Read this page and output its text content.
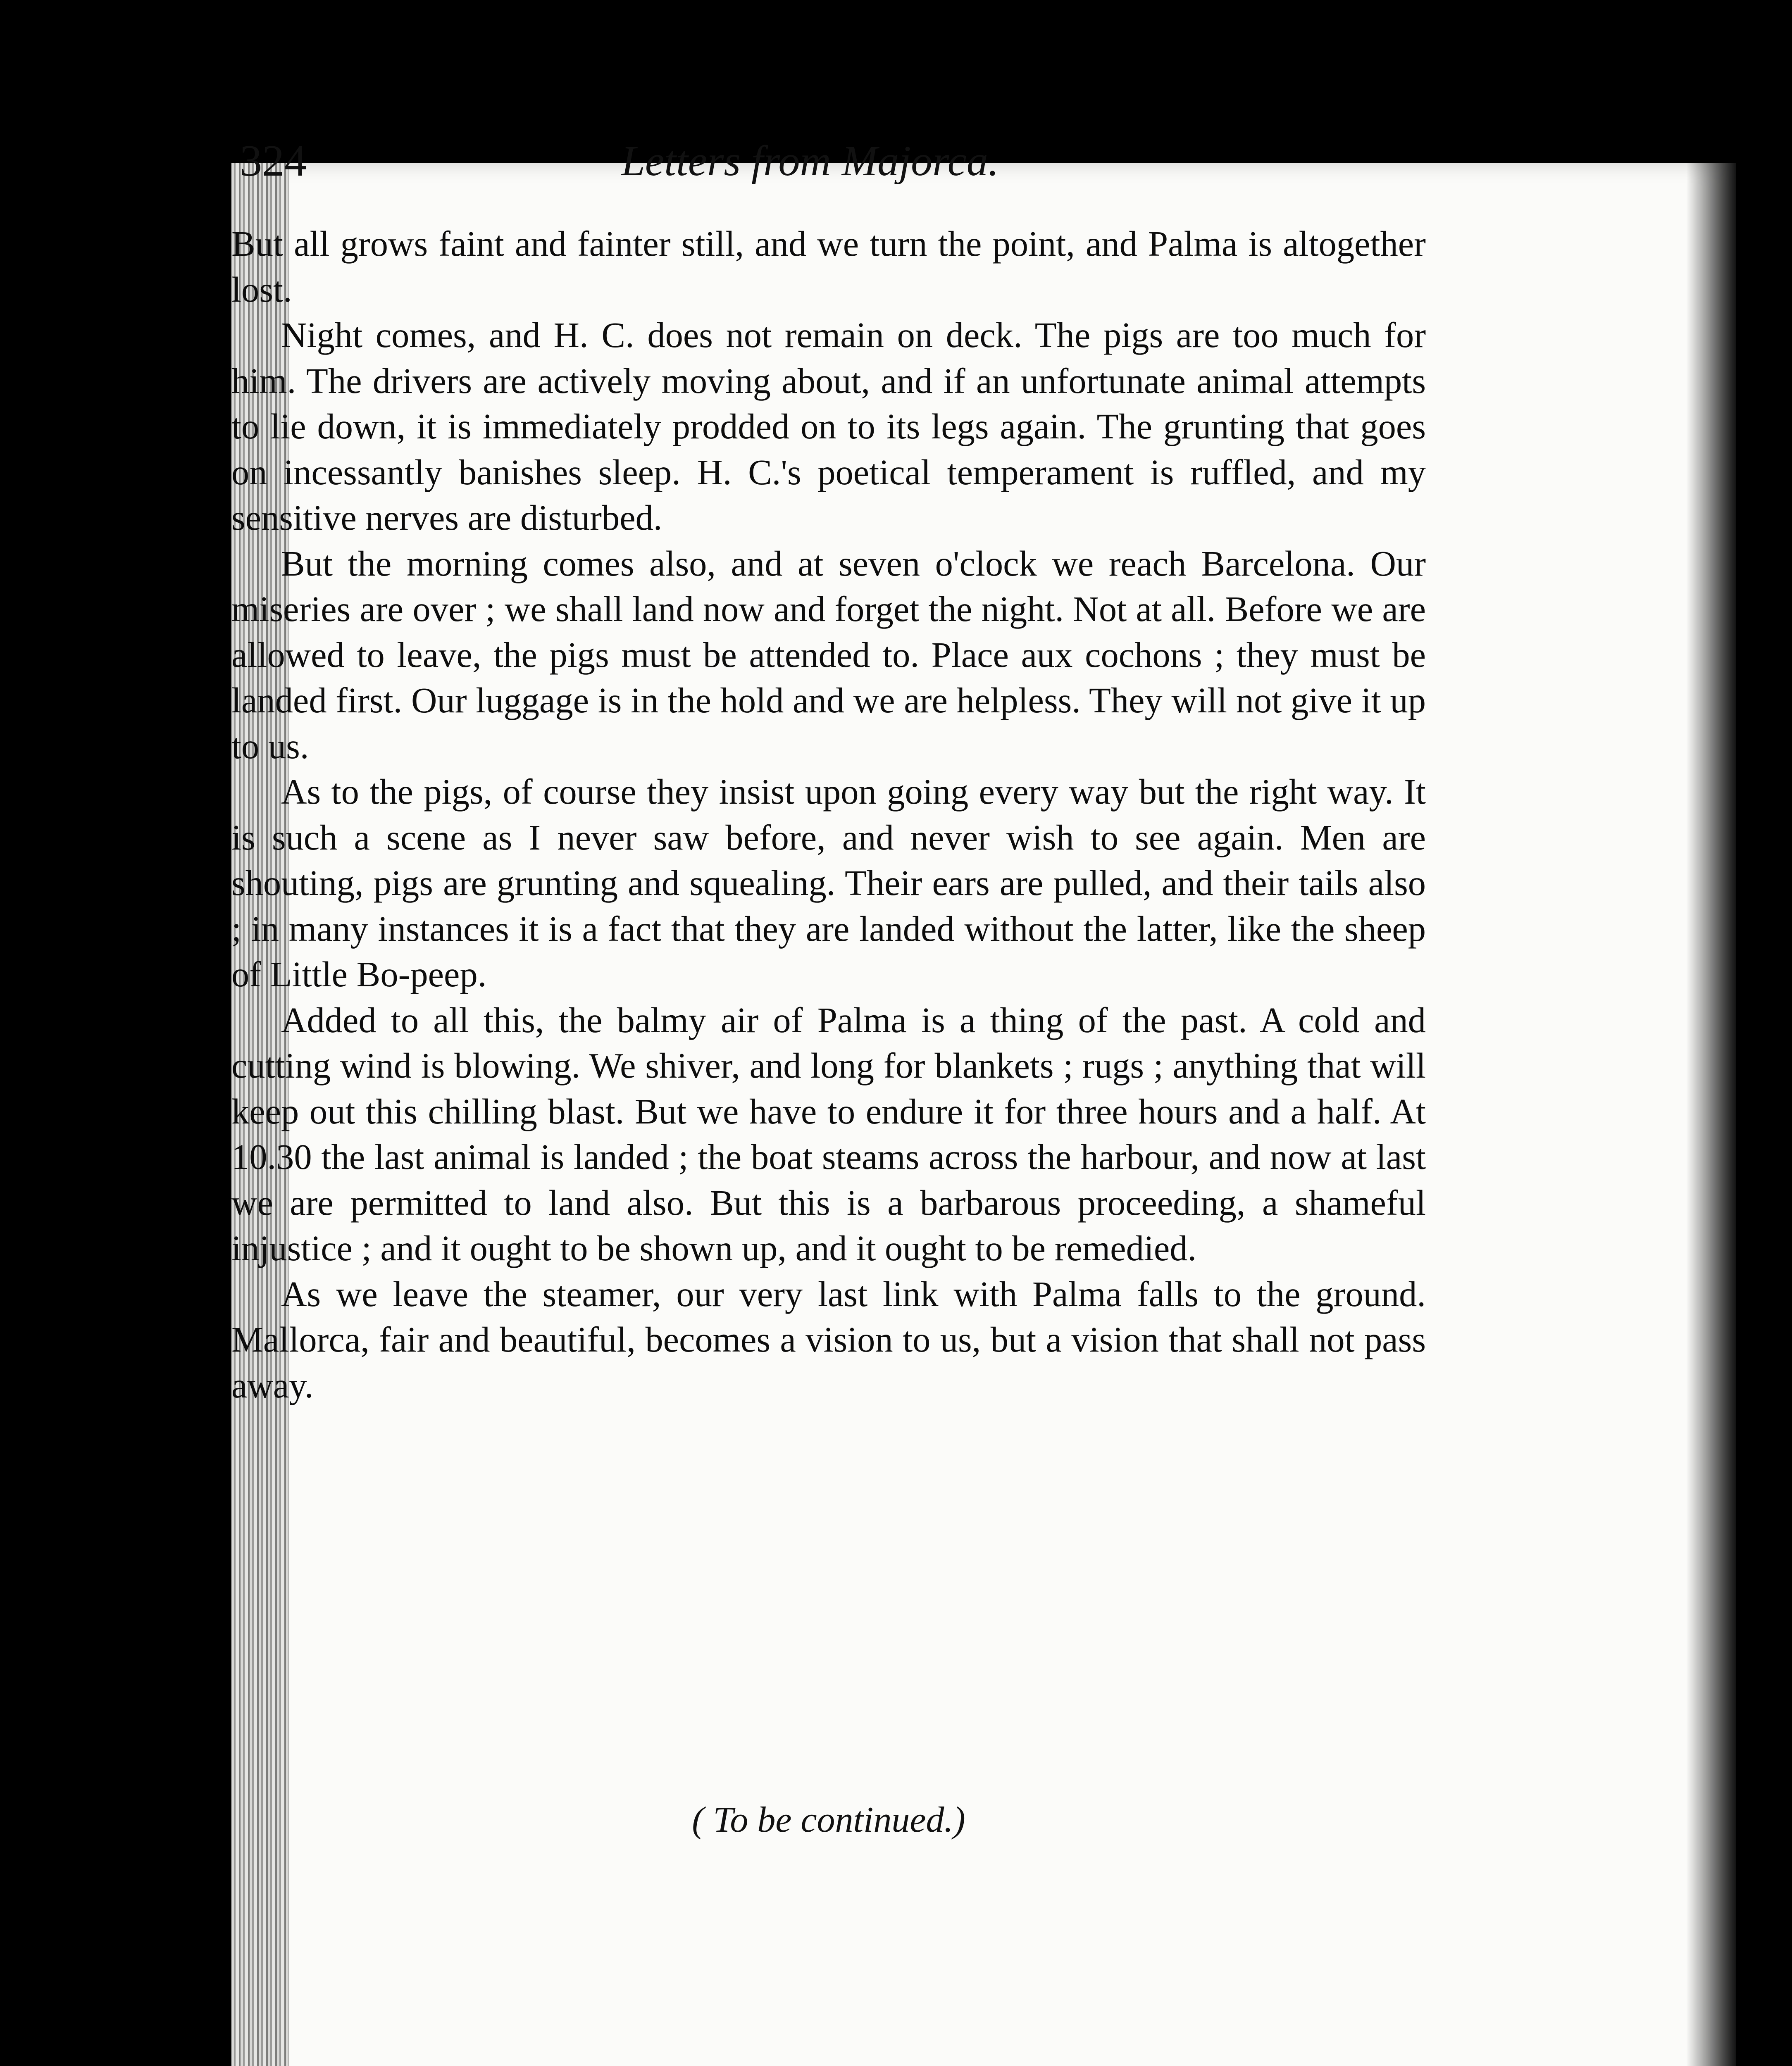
324	Letters from Majorca.

But all grows faint and fainter still, and we turn the point, and Palma is altogether lost.

Night comes, and H. C. does not remain on deck. The pigs are too much for him. The drivers are actively moving about, and if an unfortunate animal attempts to lie down, it is immediately prodded on to its legs again. The grunting that goes on incessantly banishes sleep. H. C.'s poetical temperament is ruffled, and my sensitive nerves are disturbed.

But the morning comes also, and at seven o'clock we reach Barcelona. Our miseries are over ; we shall land now and forget the night. Not at all. Before we are allowed to leave, the pigs must be attended to. Place aux cochons ; they must be landed first. Our luggage is in the hold and we are helpless. They will not give it up to us.

As to the pigs, of course they insist upon going every way but the right way. It is such a scene as I never saw before, and never wish to see again. Men are shouting, pigs are grunting and squealing. Their ears are pulled, and their tails also ; in many instances it is a fact that they are landed without the latter, like the sheep of Little Bo-peep.

Added to all this, the balmy air of Palma is a thing of the past. A cold and cutting wind is blowing. We shiver, and long for blankets ; rugs ; anything that will keep out this chilling blast. But we have to endure it for three hours and a half. At 10.30 the last animal is landed ; the boat steams across the harbour, and now at last we are permitted to land also. But this is a barbarous proceeding, a shameful injustice ; and it ought to be shown up, and it ought to be remedied.

As we leave the steamer, our very last link with Palma falls to the ground. Mallorca, fair and beautiful, becomes a vision to us, but a vision that shall not pass away.

( To be continued.)
